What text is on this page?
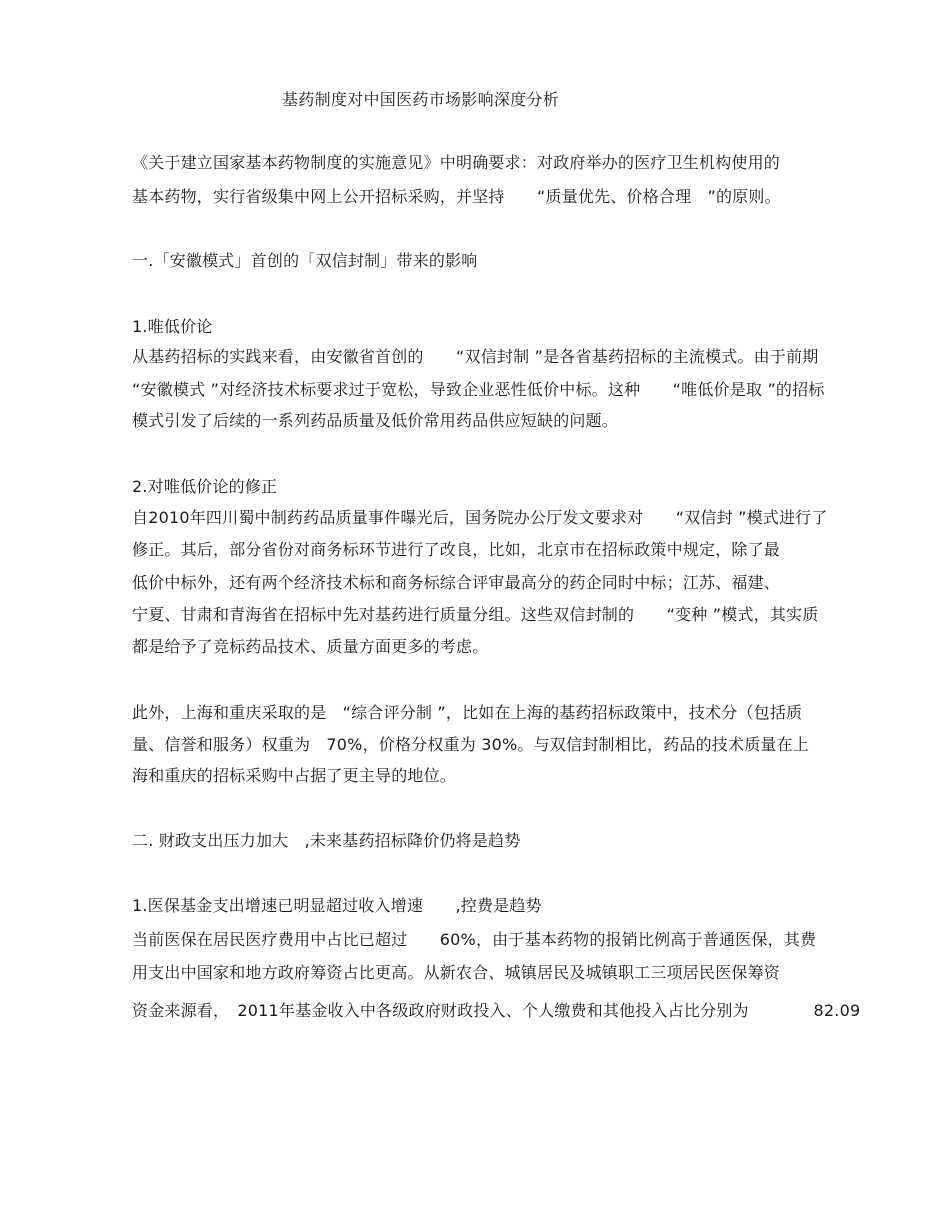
基药制度对中国医药市场影响深度分析
《关于建立国家基本药物制度的实施意见》中明确要求：对政府举办的医疗卫生机构使用的
基本药物，实行省级集中网上公开招标采购，并坚持　　“质量优先、价格合理　”的原则。
一.「安徽模式」首创的「双信封制」带来的影响
1.唯低价论
从基药招标的实践来看，由安徽省首创的　　“双信封制 ”是各省基药招标的主流模式。由于前期
“安徽模式 ”对经济技术标要求过于宽松，导致企业恶性低价中标。这种　　“唯低价是取 ”的招标
模式引发了后续的一系列药品质量及低价常用药品供应短缺的问题。
2.对唯低价论的修正
自2010年四川蜀中制药药品质量事件曝光后，国务院办公厅发文要求对　　“双信封 ”模式进行了
修正。其后，部分省份对商务标环节进行了改良，比如，北京市在招标政策中规定，除了最
低价中标外，还有两个经济技术标和商务标综合评审最高分的药企同时中标；江苏、福建、
宁夏、甘肃和青海省在招标中先对基药进行质量分组。这些双信封制的　　“变种 ”模式，其实质
都是给予了竞标药品技术、质量方面更多的考虑。
此外，上海和重庆采取的是　“综合评分制 ”，比如在上海的基药招标政策中，技术分（包括质
量、信誉和服务）权重为　70%，价格分权重为 30%。与双信封制相比，药品的技术质量在上
海和重庆的招标采购中占据了更主导的地位。
二. 财政支出压力加大　,未来基药招标降价仍将是趋势
1.医保基金支出增速已明显超过收入增速　　,控费是趋势
当前医保在居民医疗费用中占比已超过　　60%，由于基本药物的报销比例高于普通医保，其费
用支出中国家和地方政府筹资占比更高。从新农合、城镇居民及城镇职工三项居民医保筹资
资金来源看，　2011年基金收入中各级政府财政投入、个人缴费和其他投入占比分别为　　　　82.09
